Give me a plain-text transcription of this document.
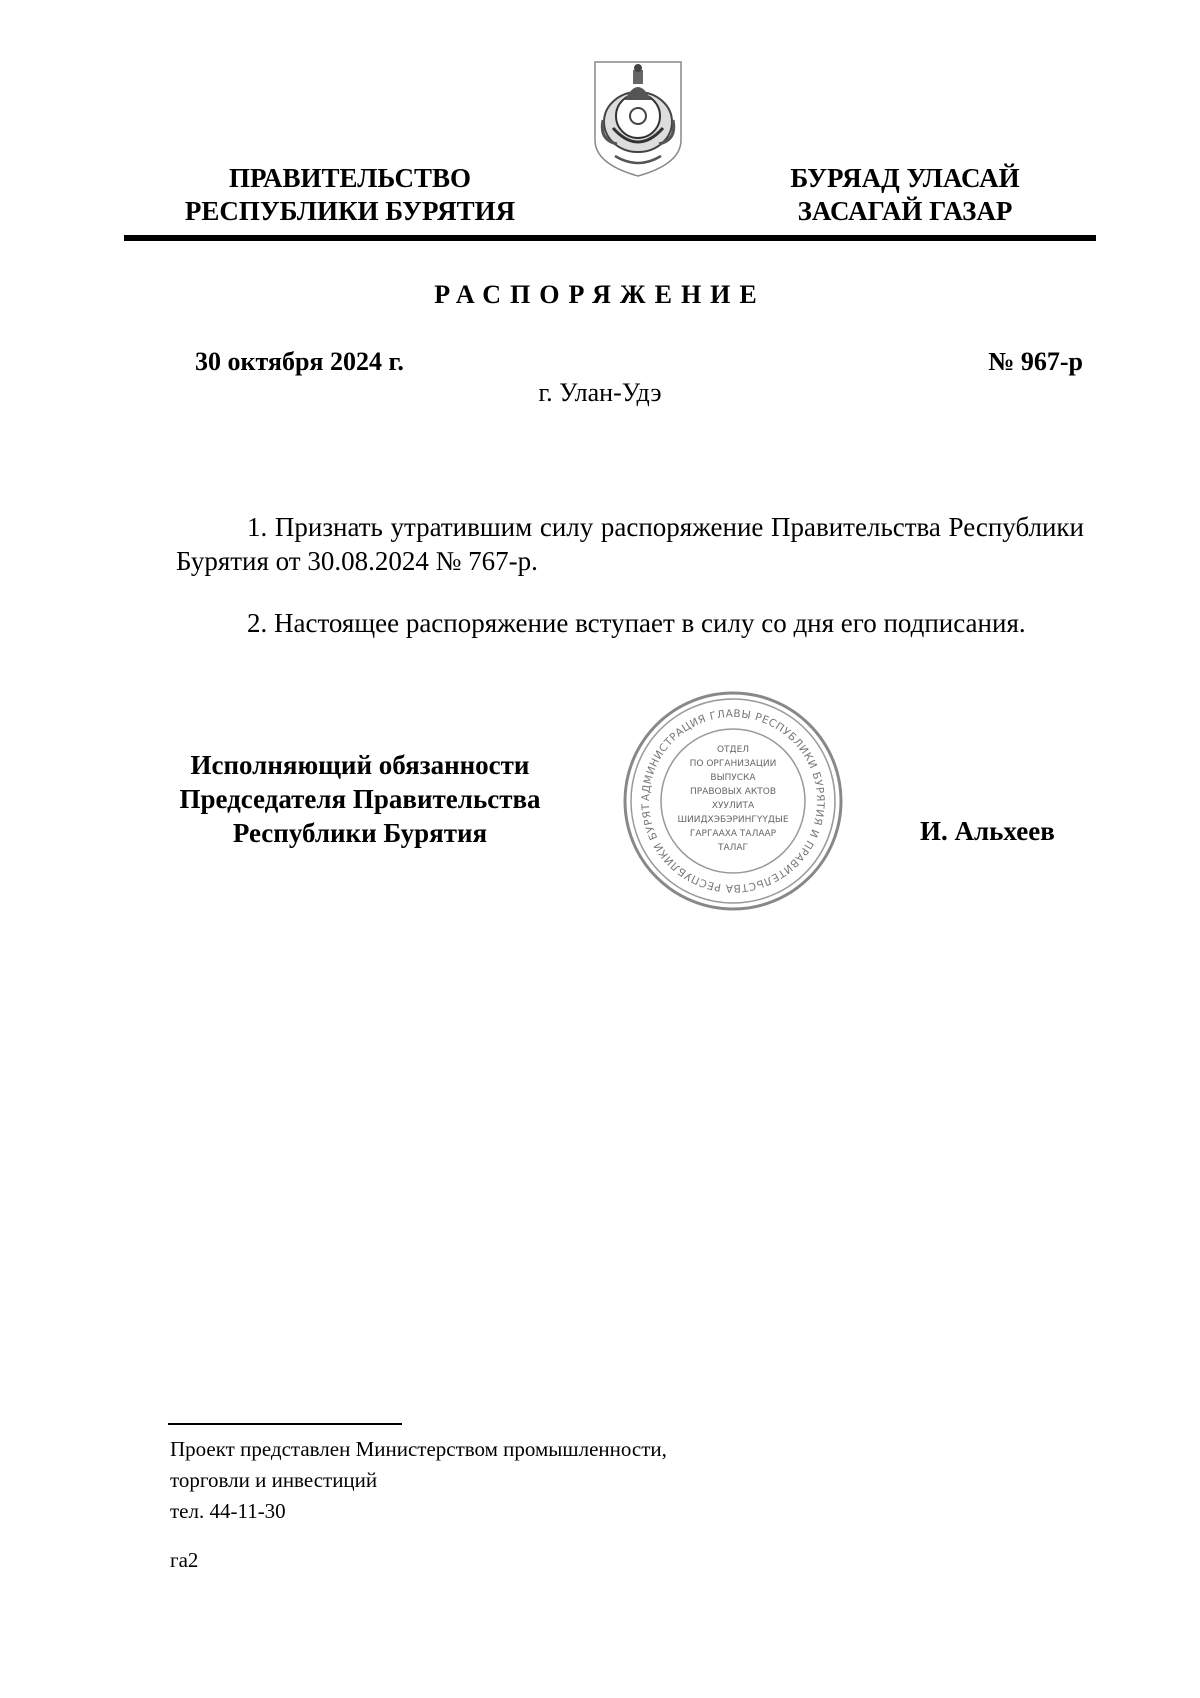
ПРАВИТЕЛЬСТВО
РЕСПУБЛИКИ БУРЯТИЯ
БУРЯАД УЛАСАЙ
ЗАСАГАЙ ГАЗАР
РАСПОРЯЖЕНИЕ
30 октября 2024 г.	№ 967-р
г. Улан-Удэ
1. Признать утратившим силу распоряжение Правительства Республики Бурятия от 30.08.2024 № 767-р.
2. Настоящее распоряжение вступает в силу со дня его подписания.
Исполняющий обязанности
Председателя Правительства
Республики Бурятия
АДМИНИСТРАЦИЯ ГЛАВЫ РЕСПУБЛИКИ БУРЯТИЯ И ПРАВИТЕЛЬСТВА РЕСПУБЛИКИ БУРЯТ
ОТДЕЛ
ПО ОРГАНИЗАЦИИ
ВЫПУСКА
ПРАВОВЫХ АКТОВ
ХУУЛИТА
ШИИДХЭБЭРИНГҮҮДЫЕ
ГАРГААХА ТАЛААР
ТАЛАГ
И. Альхеев
Проект представлен Министерством промышленности,
торговли и инвестиций
тел. 44-11-30
га2
